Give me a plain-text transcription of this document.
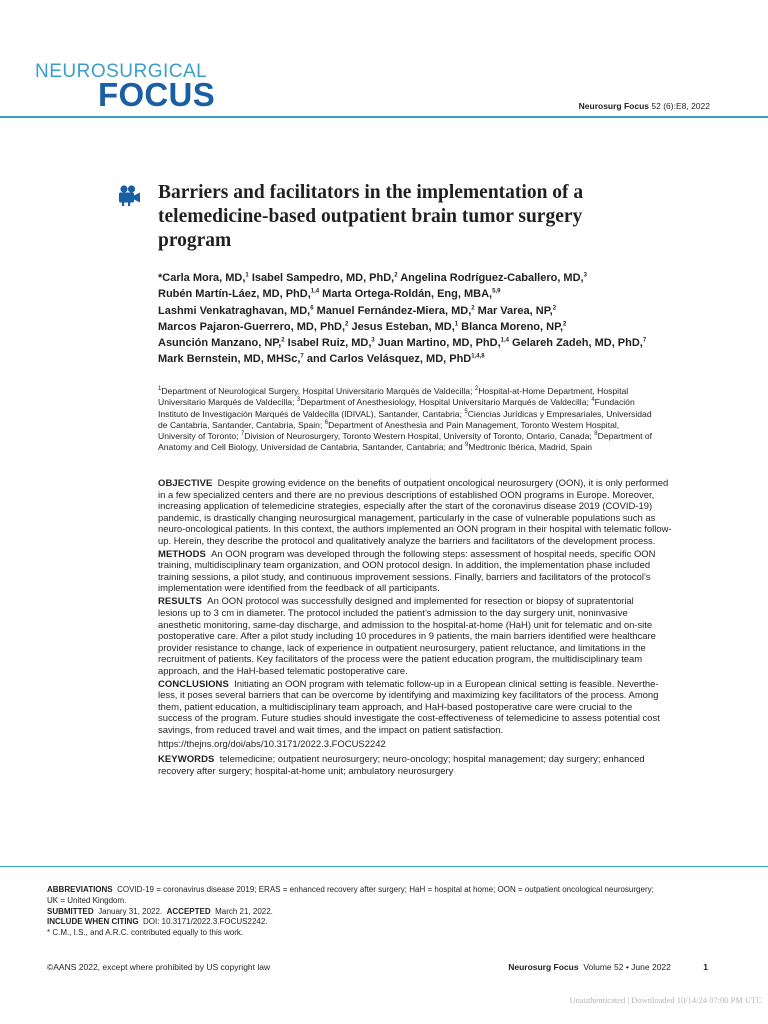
NEUROSURGICAL
FOCUS	Neurosurg Focus 52 (6):E8, 2022
Barriers and facilitators in the implementation of a
telemedicine-based outpatient brain tumor surgery
program
*Carla Mora, MD,$^1$ Isabel Sampedro, MD, PhD,$^2$ Angelina Rodríguez-Caballero, MD,$^3$
Rubén Martín-Láez, MD, PhD,$^{1,4}$ Marta Ortega-Roldán, Eng, MBA,$^{5,9}$
Lashmi Venkatraghavan, MD,$^6$ Manuel Fernández-Miera, MD,$^2$ Mar Varea, NP,$^2$
Marcos Pajaron-Guerrero, MD, PhD,$^2$ Jesus Esteban, MD,$^1$ Blanca Moreno, NP,$^2$
Asunción Manzano, NP,$^2$ Isabel Ruiz, MD,$^3$ Juan Martino, MD, PhD,$^{1,4}$ Gelareh Zadeh, MD, PhD,$^7$
Mark Bernstein, MD, MHSc,$^7$ and Carlos Velásquez, MD, PhD$^{1,4,8}$
$^1$Department of Neurological Surgery, Hospital Universitario Marqués de Valdecilla; $^2$Hospital-at-Home Department, Hospital
Universitario Marqués de Valdecilla; $^3$Department of Anesthesiology, Hospital Universitario Marqués de Valdecilla; $^4$Fundación
Instituto de Investigación Marqués de Valdecilla (IDIVAL), Santander, Cantabria; $^5$Ciencias Jurídicas y Empresariales, Universidad
de Cantabria, Santander, Cantabria, Spain; $^6$Department of Anesthesia and Pain Management, Toronto Western Hospital,
University of Toronto; $^7$Division of Neurosurgery, Toronto Western Hospital, University of Toronto, Ontario, Canada; $^8$Department of
Anatomy and Cell Biology, Universidad de Cantabria, Santander, Cantabria; and $^9$Medtronic Ibérica, Madrid, Spain
OBJECTIVE Despite growing evidence on the benefits of outpatient oncological neurosurgery (OON), it is only performed
in a few specialized centers and there are no previous descriptions of established OON programs in Europe. Moreover,
increasing application of telemedicine strategies, especially after the start of the coronavirus disease 2019 (COVID-19)
pandemic, is drastically changing neurosurgical management, particularly in the case of vulnerable populations such as
neuro-oncological patients. In this context, the authors implemented an OON program in their hospital with telematic follow-
up. Herein, they describe the protocol and qualitatively analyze the barriers and facilitators of the development process.
METHODS An OON program was developed through the following steps: assessment of hospital needs, specific OON
training, multidisciplinary team organization, and OON protocol design. In addition, the implementation phase included
training sessions, a pilot study, and continuous improvement sessions. Finally, barriers and facilitators of the protocol’s
implementation were identified from the feedback of all participants.
RESULTS An OON protocol was successfully designed and implemented for resection or biopsy of supratentorial
lesions up to 3 cm in diameter. The protocol included the patient’s admission to the day surgery unit, noninvasive
anesthetic monitoring, same-day discharge, and admission to the hospital-at-home (HaH) unit for telematic and on-site
postoperative care. After a pilot study including 10 procedures in 9 patients, the main barriers identified were healthcare
provider resistance to change, lack of experience in outpatient neurosurgery, patient reluctance, and limitations in the
recruitment of patients. Key facilitators of the process were the patient education program, the multidisciplinary team
approach, and the HaH-based telematic postoperative care.
CONCLUSIONS Initiating an OON program with telematic follow-up in a European clinical setting is feasible. Neverthe-
less, it poses several barriers that can be overcome by identifying and maximizing key facilitators of the process. Among
them, patient education, a multidisciplinary team approach, and HaH-based postoperative care were crucial to the
success of the program. Future studies should investigate the cost-effectiveness of telemedicine to assess potential cost
savings, from reduced travel and wait times, and the impact on patient satisfaction.
https://thejns.org/doi/abs/10.3171/2022.3.FOCUS2242
KEYWORDS telemedicine; outpatient neurosurgery; neuro-oncology; hospital management; day surgery; enhanced
recovery after surgery; hospital-at-home unit; ambulatory neurosurgery
ABBREVIATIONS COVID-19 = coronavirus disease 2019; ERAS = enhanced recovery after surgery; HaH = hospital at home; OON = outpatient oncological neurosurgery;
UK = United Kingdom.
SUBMITTED January 31, 2022. ACCEPTED March 21, 2022.
INCLUDE WHEN CITING DOI: 10.3171/2022.3.FOCUS2242.
* C.M., I.S., and A.R.C. contributed equally to this work.
©AANS 2022, except where prohibited by US copyright law	Neurosurg Focus Volume 52 • June 2022	1
Unauthenticated | Downloaded 10/14/24 07:00 PM UTC
